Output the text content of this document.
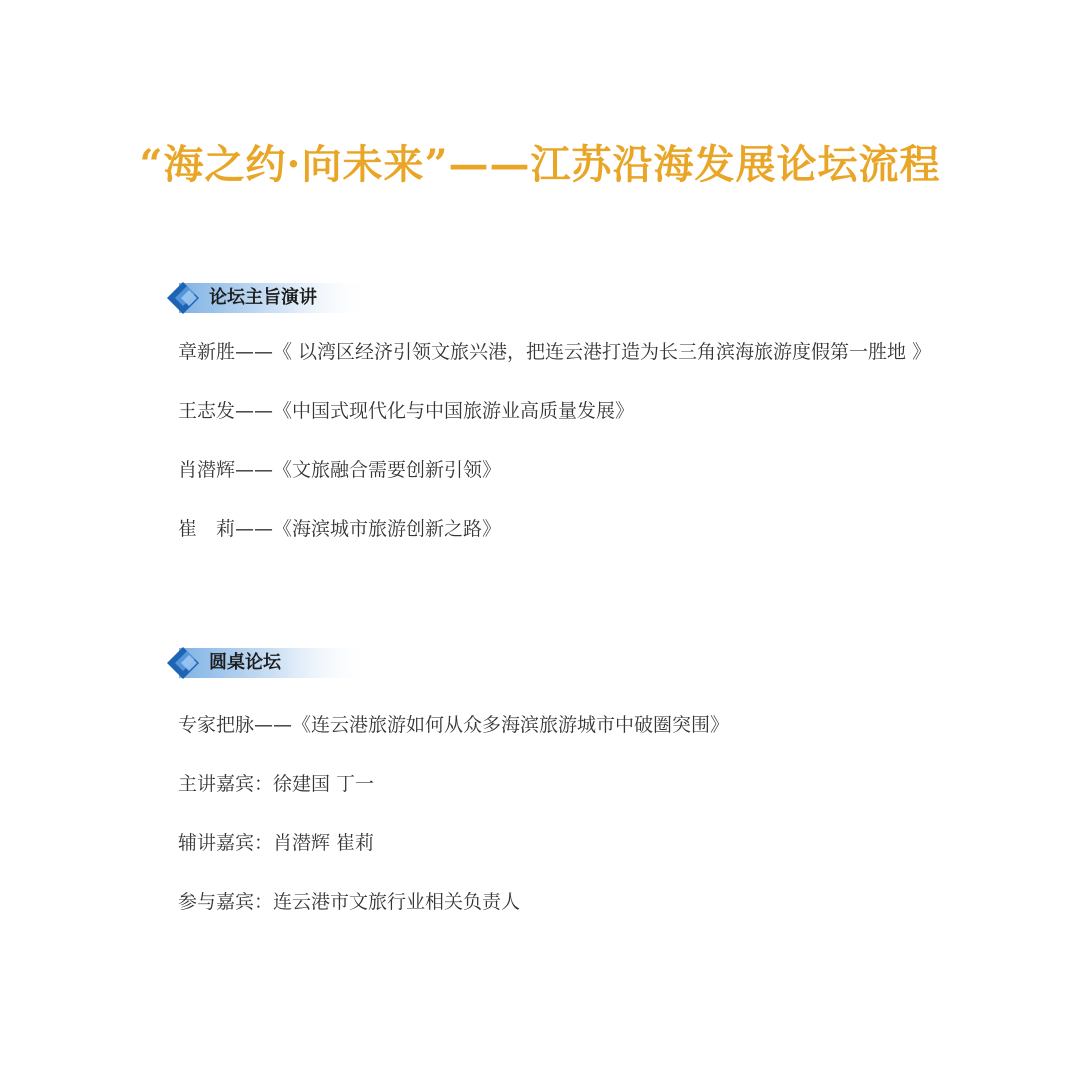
“海之约·向未来”——江苏沿海发展论坛流程
论坛主旨演讲
章新胜——《 以湾区经济引领文旅兴港，把连云港打造为长三角滨海旅游度假第一胜地 》
王志发——《中国式现代化与中国旅游业高质量发展》
肖潜辉——《文旅融合需要创新引领》
崔　莉——《海滨城市旅游创新之路》
圆桌论坛
专家把脉——《连云港旅游如何从众多海滨旅游城市中破圈突围》
主讲嘉宾：徐建国 丁一
辅讲嘉宾：肖潜辉 崔莉
参与嘉宾：连云港市文旅行业相关负责人
